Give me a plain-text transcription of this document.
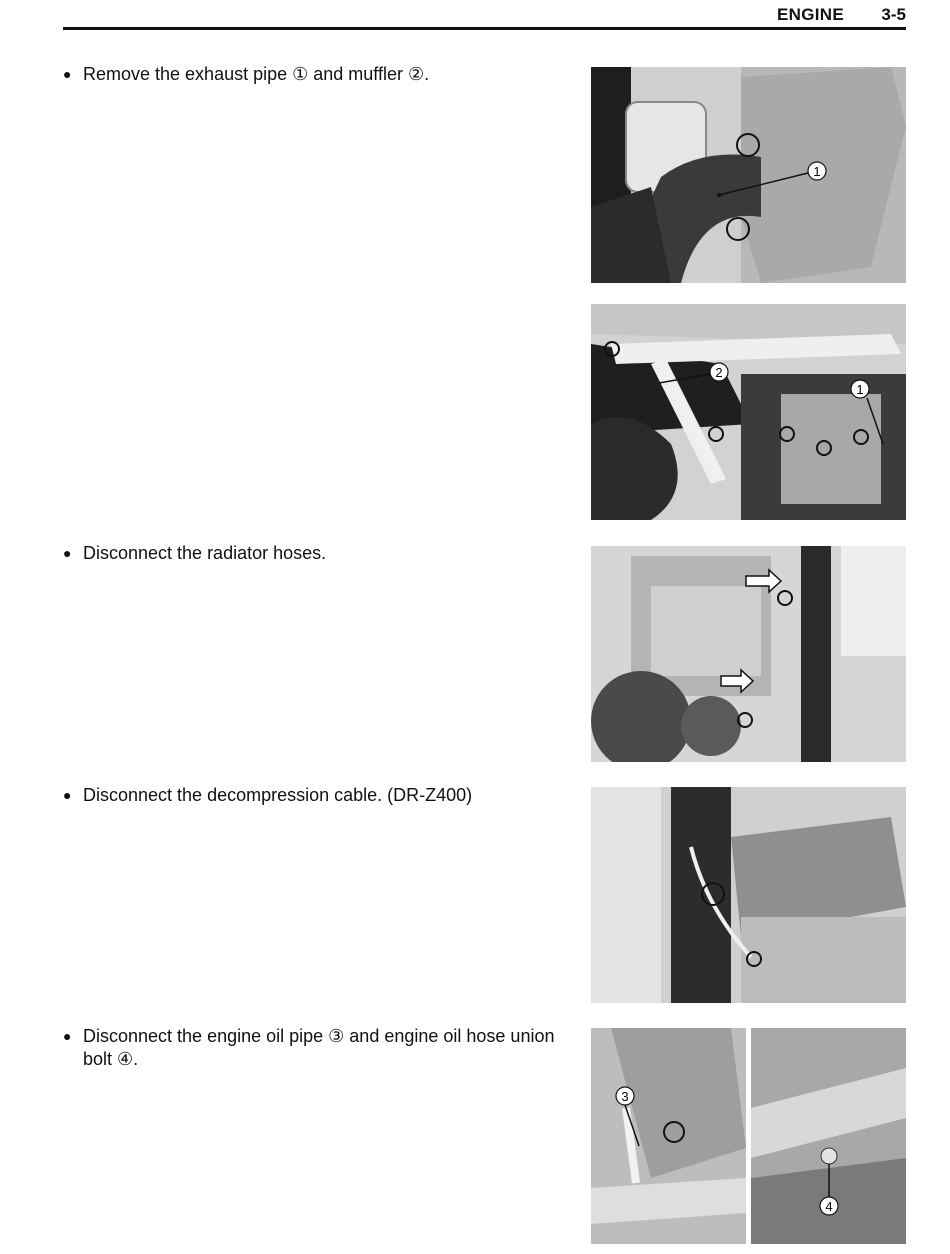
ENGINE 3-5
● Remove the exhaust pipe ① and muffler ②.
● Disconnect the radiator hoses.
● Disconnect the decompression cable. (DR-Z400)
● Disconnect the engine oil pipe ③ and engine oil hose union bolt ④.
1
2
1
3
4
